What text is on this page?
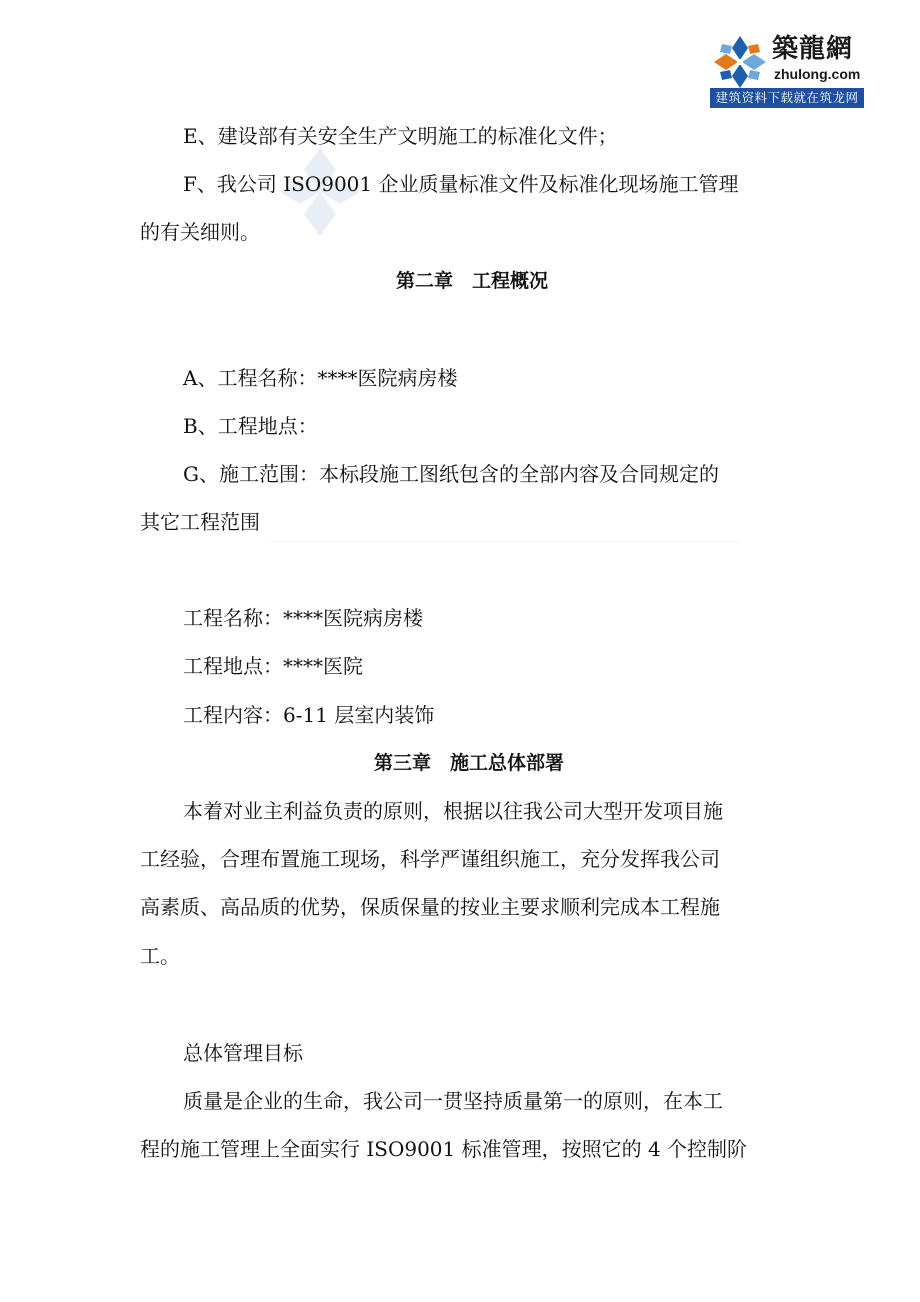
築龍網
zhulong.com
建筑资料下载就在筑龙网
E、建设部有关安全生产文明施工的标准化文件；
F、我公司 ISO9001 企业质量标准文件及标准化现场施工管理
的有关细则。
第二章　工程概况
A、工程名称：****医院病房楼
B、工程地点：
G、施工范围：本标段施工图纸包含的全部内容及合同规定的
其它工程范围
工程名称：****医院病房楼
工程地点：****医院
工程内容：6-11 层室内装饰
第三章　施工总体部署
本着对业主利益负责的原则，根据以往我公司大型开发项目施
工经验，合理布置施工现场，科学严谨组织施工，充分发挥我公司
高素质、高品质的优势，保质保量的按业主要求顺利完成本工程施
工。
总体管理目标
质量是企业的生命，我公司一贯坚持质量第一的原则，在本工
程的施工管理上全面实行 ISO9001 标准管理，按照它的 4 个控制阶
